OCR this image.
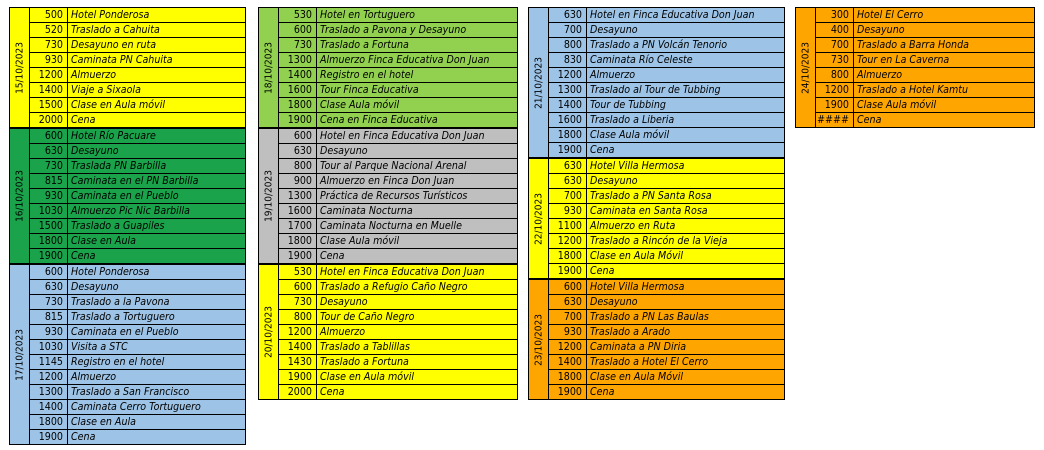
15/10/2023
500 Hotel Ponderosa
520 Traslado a Cahuita
730 Desayuno en ruta
930 Caminata PN Cahuita
1200 Almuerzo
1400 Viaje a Sixaola
1500 Clase en Aula móvil
2000 Cena
16/10/2023
600 Hotel Río Pacuare
630 Desayuno
730 Traslada PN Barbilla
815 Caminata en el PN Barbilla
930 Caminata en el Pueblo
1030 Almuerzo Pic Nic Barbilla
1500 Traslado a Guapiles
1800 Clase en Aula
1900 Cena
17/10/2023
600 Hotel Ponderosa
630 Desayuno
730 Traslado a la Pavona
815 Traslado a Tortuguero
930 Caminata en el Pueblo
1030 Visita a STC
1145 Registro en el hotel
1200 Almuerzo
1300 Traslado a San Francisco
1400 Caminata Cerro Tortuguero
1800 Clase en Aula
1900 Cena
18/10/2023
530 Hotel en Tortuguero
600 Traslado a Pavona y Desayuno
730 Traslado a Fortuna
1300 Almuerzo Finca Educativa Don Juan
1400 Registro en el hotel
1600 Tour Finca Educativa
1800 Clase Aula móvil
1900 Cena en Finca Educativa
19/10/2023
600 Hotel en Finca Educativa Don Juan
630 Desayuno
800 Tour al Parque Nacional Arenal
900 Almuerzo en Finca Don Juan
1300 Práctica de Recursos Turísticos
1600 Caminata Nocturna
1700 Caminata Nocturna en Muelle
1800 Clase Aula móvil
1900 Cena
20/10/2023
530 Hotel en Finca Educativa Don Juan
600 Traslado a Refugio Caño Negro
730 Desayuno
800 Tour de Caño Negro
1200 Almuerzo
1400 Traslado a Tablillas
1430 Traslado a Fortuna
1900 Clase en Aula móvil
2000 Cena
21/10/2023
630 Hotel en Finca Educativa Don Juan
700 Desayuno
800 Traslado a PN Volcán Tenorio
830 Caminata Río Celeste
1200 Almuerzo
1300 Traslado al Tour de Tubbing
1400 Tour de Tubbing
1600 Traslado a Liberia
1800 Clase Aula móvil
1900 Cena
22/10/2023
630 Hotel Villa Hermosa
630 Desayuno
700 Traslado a PN Santa Rosa
930 Caminata en Santa Rosa
1100 Almuerzo en Ruta
1200 Traslado a Rincón de la Vieja
1800 Clase en Aula Móvil
1900 Cena
23/10/2023
600 Hotel Villa Hermosa
630 Desayuno
700 Traslado a PN Las Baulas
930 Traslado a Arado
1200 Caminata a PN Diria
1400 Traslado a Hotel El Cerro
1800 Clase en Aula Móvil
1900 Cena
24/10/2023
300 Hotel El Cerro
400 Desayuno
700 Traslado a Barra Honda
730 Tour en La Caverna
800 Almuerzo
1200 Traslado a Hotel Kamtu
1900 Clase Aula móvil
#### Cena
